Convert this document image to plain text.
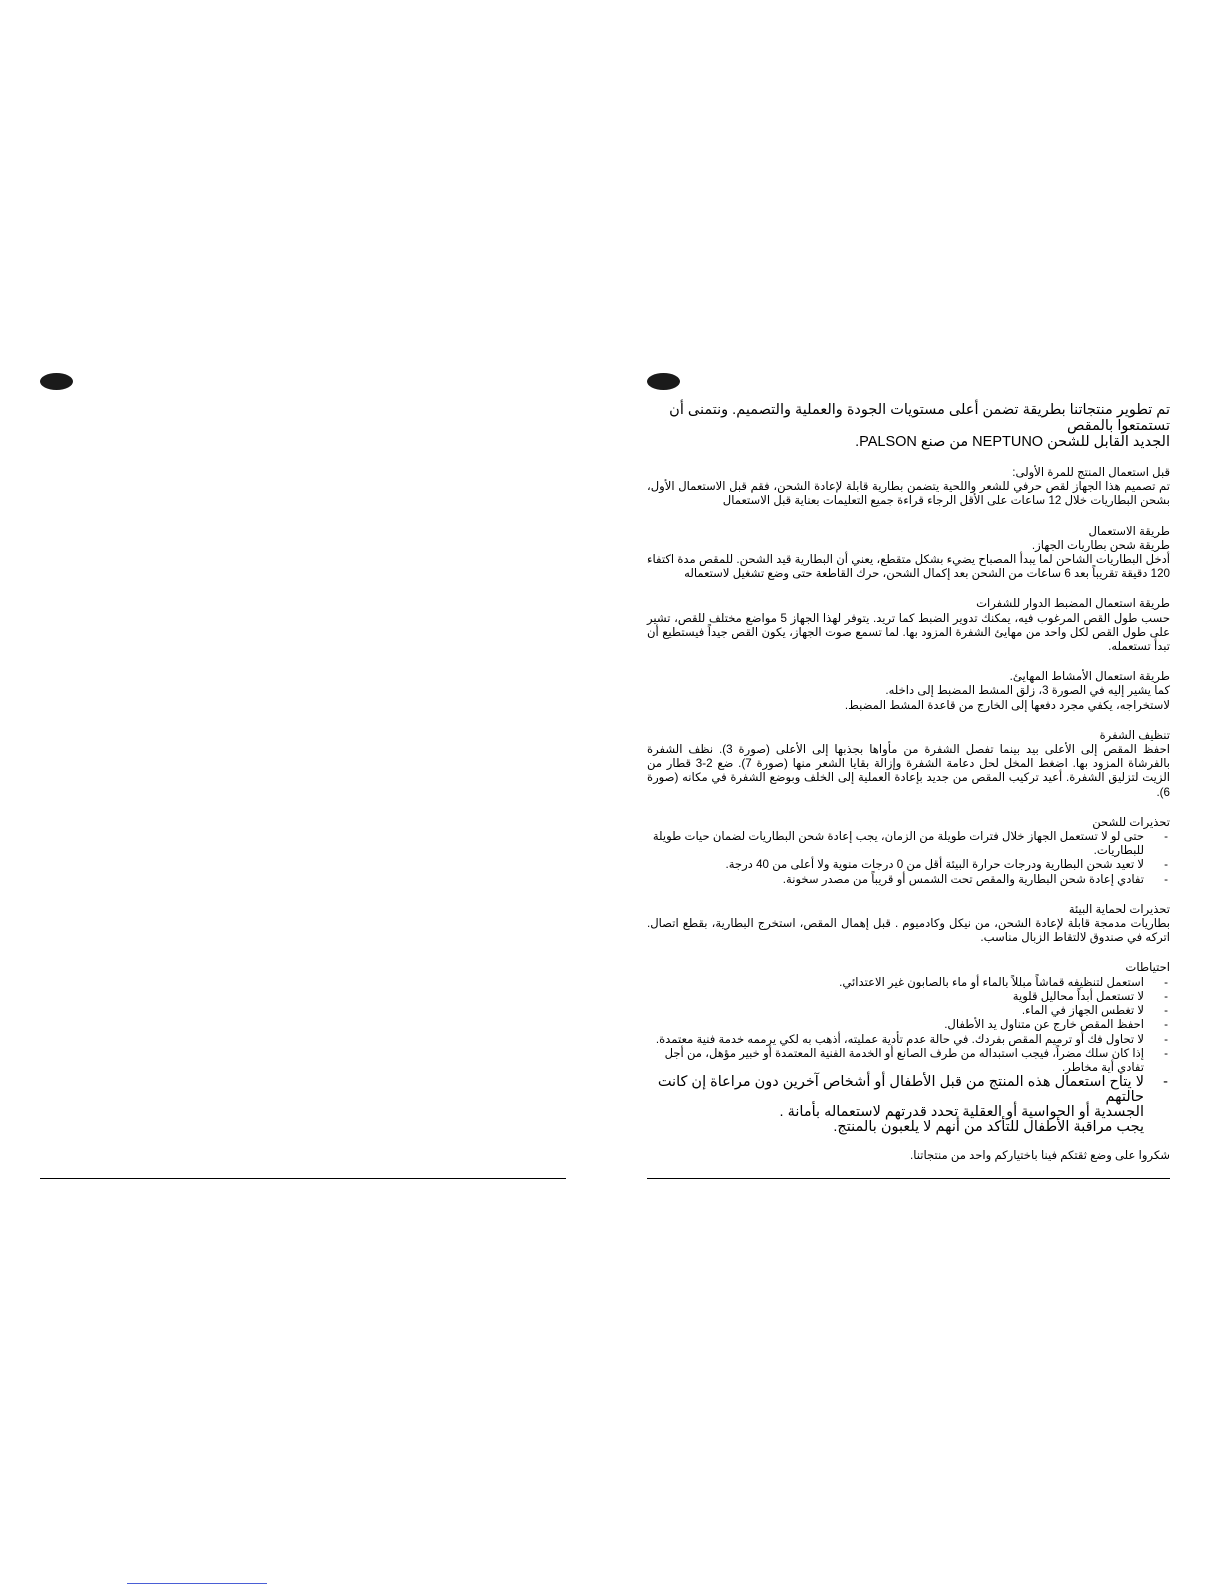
تم تطوير منتجاتنا بطريقة تضمن أعلى مستويات الجودة والعملية والتصميم. ونتمنى أن تستمتعوا بالمقص
الجديد القابل للشحن NEPTUNO من صنع PALSON.
قبل استعمال المنتج للمرة الأولى:

تم تصميم هذا الجهاز لقص حرفي للشعر واللحية يتضمن بطارية قابلة لإعادة الشحن، فقم قبل الاستعمال الأول، بشحن البطاريات خلال 12 ساعات على الأقل الرجاء قراءة جميع التعليمات بعناية قبل الاستعمال

طريقة الاستعمال
طريقة شحن بطاريات الجهاز.

أدخل البطاريات الشاحن لما يبدأ المصباح يضيء بشكل متقطع، يعني أن البطارية قيد الشحن. للمقص مدة اكتفاء 120 دقيقة تقريباً بعد 6 ساعات من الشحن بعد إكمال الشحن، حرك القاطعة حتى وضع تشغيل لاستعماله

طريقة استعمال المضبط الدوار للشفرات

حسب طول القص المرغوب فيه، يمكنك تدوير الضبط كما تريد. يتوفر لهذا الجهاز 5 مواضع مختلف للقص، تشير على طول القص لكل واحد من مهايئ الشفرة المزود بها. لما تسمع صوت الجهاز، يكون القص جيداً فيستطيع أن تبدأ تستعمله.

طريقة استعمال الأمشاط المهايئ.
كما يشير إليه في الصورة 3، زلق المشط المضبط إلى داخله.
لاستخراجه، يكفي مجرد دفعها إلى الخارج من قاعدة المشط المضبط.
تنظيف الشفرة

احفظ المقص إلى الأعلى بيد بينما تفصل الشفرة من مأواها بجذبها إلى الأعلى (صورة 3). نظف الشفرة بالفرشاة المزود بها. اضغط المخل لحل دعامة الشفرة وإزالة بقايا الشعر منها (صورة 7). ضع 2-3 قطار من الزيت لتزليق الشفرة. أعيد تركيب المقص من جديد بإعادة العملية إلى الخلف وبوضع الشفرة في مكانه (صورة 6).

تحذيرات للشحن
- حتى لو لا تستعمل الجهاز خلال فترات طويلة من الزمان، يجب إعادة شحن البطاريات لضمان حيات طويلة للبطاريات.
- لا تعيد شحن البطارية ودرجات حرارة البيئة أقل من 0 درجات منوية ولا أعلى من 40 درجة.
- تفادي إعادة شحن البطارية والمقص تحت الشمس أو قريباً من مصدر سخونة.
تحذيرات لحماية البيئة

بطاريات مدمجة قابلة لإعادة الشحن، من نيكل وكادميوم . قبل إهمال المقص، استخرج البطارية، بقطع اتصال. اتركه في صندوق لالتقاط الزبال مناسب.

احتياطات
- استعمل لتنظيفه قماشاً مبللاً بالماء أو ماء بالصابون غير الاعتدائي.
- لا تستعمل أبداً محاليل قلوية
- لا تغطس الجهاز في الماء.
- احفظ المقص خارج عن متناول يد الأطفال.
- لا تحاول فك أو ترميم المقص بفردك. في حالة عدم تأدية عمليته، أذهب به لكي يرممه خدمة فنية معتمدة.
- إذا كان سلك مضراً، فيجب استبداله من طرف الصانع أو الخدمة الفنية المعتمدة أو خبير مؤهل، من أجل تفادي أية مخاطر.
- لا يتاح استعمال هذه المنتج من قبل الأطفال أو أشخاص آخرين دون مراعاة إن كانت حالتهم
الجسدية أو الحواسية أو العقلية تحدد قدرتهم لاستعماله بأمانة .
يجب مراقبة الأطفال للتأكد من أنهم لا يلعبون بالمنتج.
شكروا على وضع ثقتكم فينا باختياركم واحد من منتجاتنا.
